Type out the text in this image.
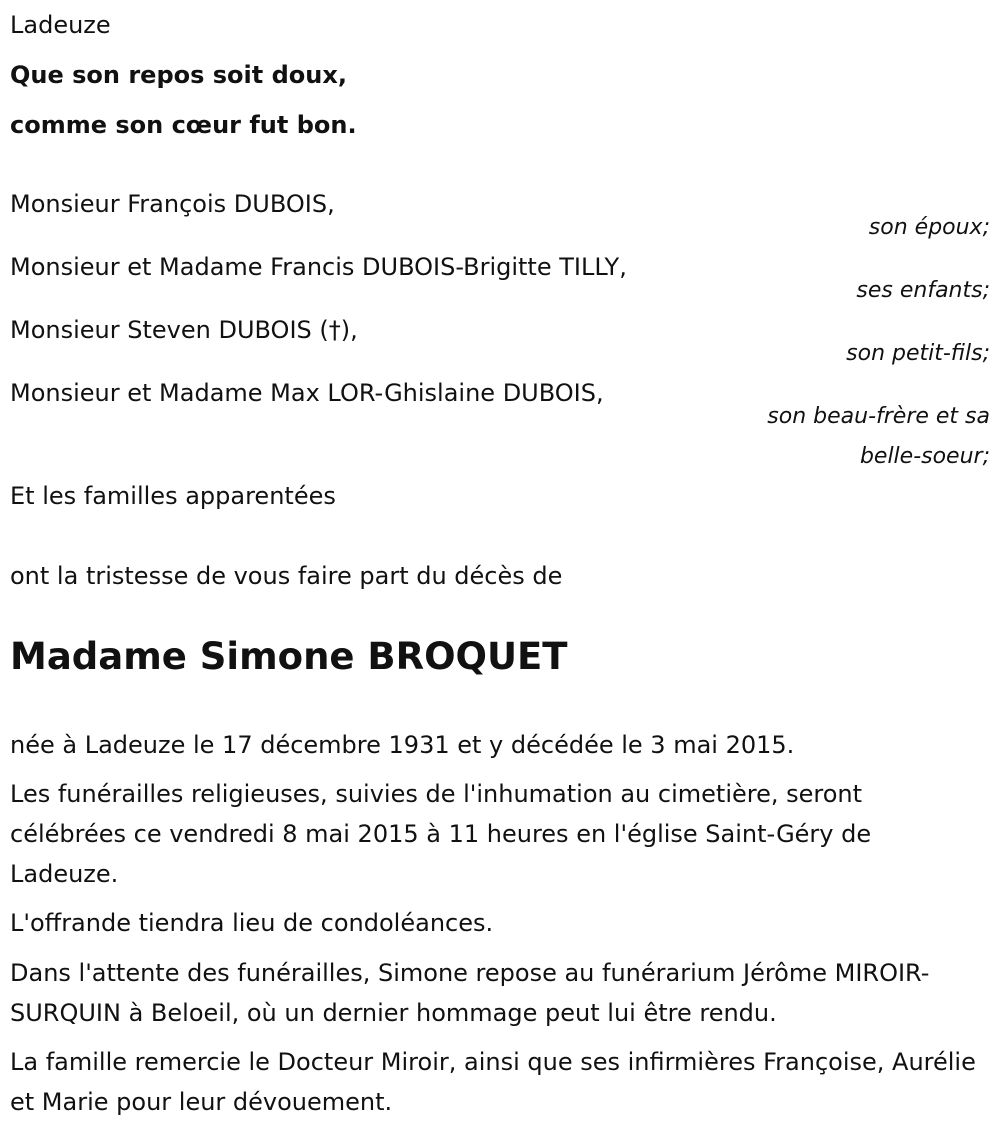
Ladeuze
Que son repos soit doux,
comme son cœur fut bon.
Monsieur François DUBOIS,
son époux;
Monsieur et Madame Francis DUBOIS-Brigitte TILLY,
ses enfants;
Monsieur Steven DUBOIS (†),
son petit-fils;
Monsieur et Madame Max LOR-Ghislaine DUBOIS,
son beau-frère et sa
belle-soeur;
Et les familles apparentées
ont la tristesse de vous faire part du décès de
Madame Simone BROQUET
née à Ladeuze le 17 décembre 1931 et y décédée le 3 mai 2015.
Les funérailles religieuses, suivies de l'inhumation au cimetière, seront célébrées ce vendredi 8 mai 2015 à 11 heures en l'église Saint-Géry de Ladeuze.
L'offrande tiendra lieu de condoléances.
Dans l'attente des funérailles, Simone repose au funérarium Jérôme MIROIR-SURQUIN à Beloeil, où un dernier hommage peut lui être rendu.
La famille remercie le Docteur Miroir, ainsi que ses infirmières Françoise, Aurélie et Marie pour leur dévouement.
